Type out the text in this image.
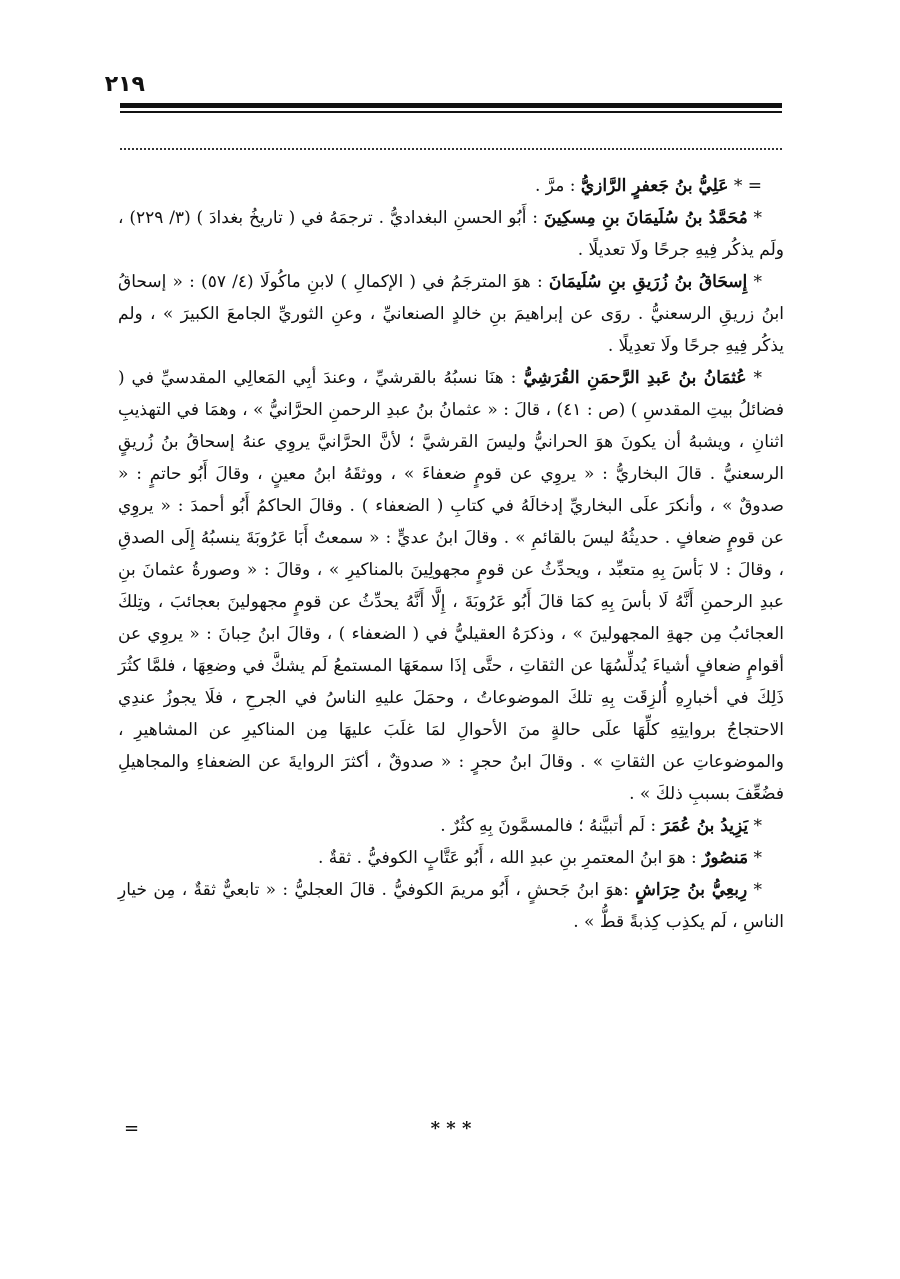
٢١٩

= * عَلِيُّ بنُ جَعفرٍ الرَّازيُّ : مرَّ .

* مُحَمَّدُ بنُ سُلَيمَانَ بنِ مِسكِينَ : أَبُو الحسنِ البغداديُّ . ترجمَهُ في ( تاريخُ بغدادَ ) (٣/ ٢٢٩) ، ولَم يذكُر فِيهِ جرحًا ولَا تعديلًا .

* إِسحَاقُ بنُ زُرَيقِ بنِ سُلَيمَانَ : هوَ المترجَمُ في ( الإكمالِ ) لابنِ ماكُولَا (٤/ ٥٧) : « إسحاقُ ابنُ زريقِ الرسعنيُّ . روَى عن إبراهيمَ بنِ خالدٍ الصنعانيِّ ، وعنِ الثوريِّ الجامعَ الكبيرَ » ، ولم يذكُر فِيهِ جرحًا ولَا تعدِيلًا .

* عُثمَانُ بنُ عَبدِ الرَّحمَنِ القُرَشِيُّ : هنَا نسبُهُ بالقرشيِّ ، وعندَ أبِي المَعالِي المقدسيِّ في ( فضائلُ بيتِ المقدسِ ) (ص : ٤١) ، قالَ : « عثمانُ بنُ عبدِ الرحمنِ الحرَّانيُّ » ، وهمَا في التهذيبِ اثنانِ ، ويشبهُ أن يكونَ هوَ الحرانيُّ وليسَ القرشيَّ ؛ لأنَّ الحرَّانيَّ يروِي عنهُ إسحاقُ بنُ زُريقٍ الرسعنيُّ . قالَ البخاريُّ : « يروِي عن قومٍ ضعفاءَ » ، ووثقَهُ ابنُ معينٍ ، وقالَ أَبُو حاتمٍ : « صدوقٌ » ، وأنكرَ علَى البخاريِّ إدخالَهُ في كتابِ ( الضعفاء ) . وقالَ الحاكمُ أَبُو أحمدَ : « يروِي عن قومٍ ضعافٍ . حديثُهُ ليسَ بالقائمِ » . وقالَ ابنُ عديٍّ : « سمعتُ أَبَا عَرُوبَةَ ينسبُهُ إِلَى الصدقِ ، وقالَ : لا بَأسَ بِهِ متعبِّد ، ويحدِّثُ عن قومٍ مجهولِينَ بالمناكيرِ » ، وقالَ : « وصورةُ عثمانَ بنِ عبدِ الرحمنِ أَنَّهُ لَا بأسَ بِهِ كمَا قالَ أَبُو عَرُوبَةَ ، إِلَّا أَنَّهُ يحدِّثُ عن قومٍ مجهولينَ بعجائبَ ، وتِلكَ العجائبُ مِن جهةِ المجهولينَ » ، وذكرَهُ العقيليُّ في ( الضعفاء ) ، وقالَ ابنُ حِبانَ : « يروِي عن أقوامٍ ضعافٍ أشياءَ يُدلِّسُهَا عن الثقاتِ ، حتَّى إذَا سمعَهَا المستمعُ لَم يشكَّ في وضعِهَا ، فلمَّا كثُرَ ذَلِكَ في أخبارِهِ أُلزِقَت بِهِ تلكَ الموضوعاتُ ، وحمَلَ عليهِ الناسُ في الجرحِ ، فلَا يجوزُ عندِي الاحتجاجُ بروايتِهِ كلِّهَا علَى حالةٍ منَ الأحوالِ لمَا غلَبَ عليهَا مِن المناكيرِ عن المشاهيرِ ، والموضوعاتِ عن الثقاتِ » . وقالَ ابنُ حجرٍ : « صدوقٌ ، أكثرَ الروايةَ عن الضعفاءِ والمجاهيلِ فضُعِّفَ بسببِ ذلكَ » .

* يَزِيدُ بنُ عُمَرَ : لَم أتبيَّنهُ ؛ فالمسمَّونَ بِهِ كثُرٌ .

* مَنصُورٌ : هوَ ابنُ المعتمرِ بنِ عبدِ الله ، أَبُو عَتَّابٍ الكوفيُّ . ثقةٌ .

* رِبعِيُّ بنُ حِرَاشٍ :هوَ ابنُ جَحشٍ ، أَبُو مريمَ الكوفيُّ . قالَ العجليُّ : « تابعيٌّ ثقةٌ ، مِن خيارِ الناسِ ، لَم يكذِب كِذبةً قطُّ » .

* * *
=
